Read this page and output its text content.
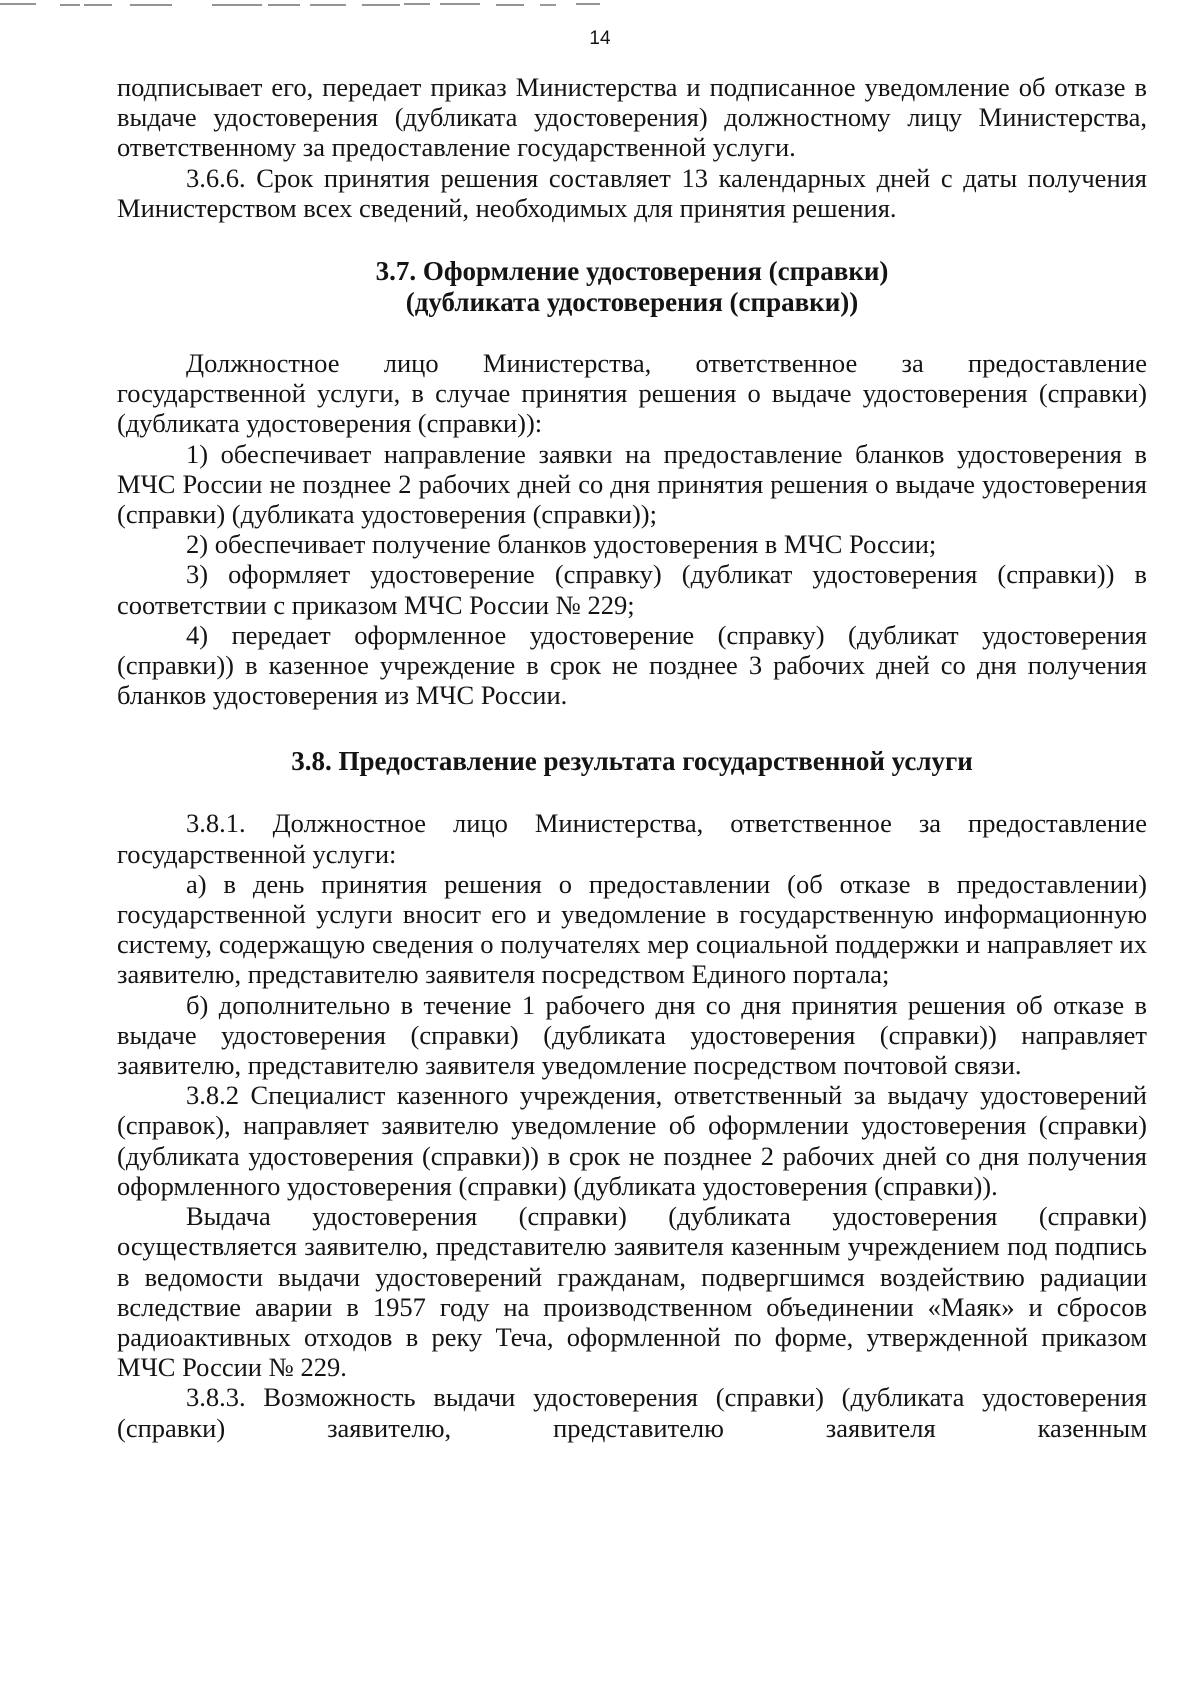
14

подписывает его, передает приказ Министерства и подписанное уведомление об отказе в выдаче удостоверения (дубликата удостоверения) должностному лицу Министерства, ответственному за предоставление государственной услуги.

3.6.6. Срок принятия решения составляет 13 календарных дней с даты получения Министерством всех сведений, необходимых для принятия решения.

3.7. Оформление удостоверения (справки)

(дубликата удостоверения (справки))

Должностное лицо Министерства, ответственное за предоставление государственной услуги, в случае принятия решения о выдаче удостоверения (справки) (дубликата удостоверения (справки)):

1) обеспечивает направление заявки на предоставление бланков удостоверения в МЧС России не позднее 2 рабочих дней со дня принятия решения о выдаче удостоверения (справки) (дубликата удостоверения (справки));

2) обеспечивает получение бланков удостоверения в МЧС России;

3) оформляет удостоверение (справку) (дубликат удостоверения (справки)) в соответствии с приказом МЧС России № 229;

4) передает оформленное удостоверение (справку) (дубликат удостоверения (справки)) в казенное учреждение в срок не позднее 3 рабочих дней со дня получения бланков удостоверения из МЧС России.

3.8. Предоставление результата государственной услуги

3.8.1. Должностное лицо Министерства, ответственное за предоставление государственной услуги:

а) в день принятия решения о предоставлении (об отказе в предоставлении) государственной услуги вносит его и уведомление в государственную информационную систему, содержащую сведения о получателях мер социальной поддержки и направляет их заявителю, представителю заявителя посредством Единого портала;

б) дополнительно в течение 1 рабочего дня со дня принятия решения об отказе в выдаче удостоверения (справки) (дубликата удостоверения (справки)) направляет заявителю, представителю заявителя уведомление посредством почтовой связи.

3.8.2 Специалист казенного учреждения, ответственный за выдачу удостоверений (справок), направляет заявителю уведомление об оформлении удостоверения (справки) (дубликата удостоверения (справки)) в срок не позднее 2 рабочих дней со дня получения оформленного удостоверения (справки) (дубликата удостоверения (справки)).

Выдача удостоверения (справки) (дубликата удостоверения (справки) осуществляется заявителю, представителю заявителя казенным учреждением под подпись в ведомости выдачи удостоверений гражданам, подвергшимся воздействию радиации вследствие аварии в 1957 году на производственном объединении «Маяк» и сбросов радиоактивных отходов в реку Теча, оформленной по форме, утвержденной приказом МЧС России № 229.

3.8.3. Возможность выдачи удостоверения (справки) (дубликата удостоверения (справки) заявителю, представителю заявителя казенным
